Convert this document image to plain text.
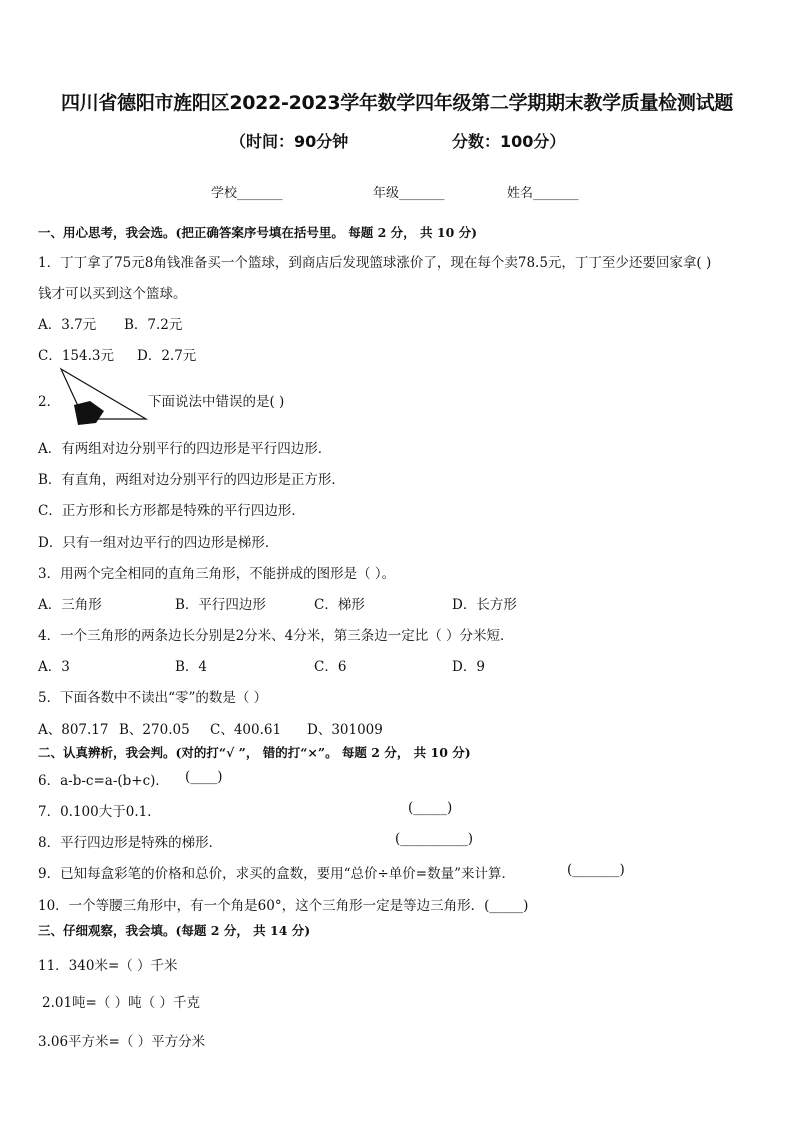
四川省德阳市旌阳区2022-2023学年数学四年级第二学期期末教学质量检测试题
（时间：90分钟	分数：100分）
学校_______	年级_______	姓名_______
一、用心思考，我会选。(把正确答案序号填在括号里。 每题 2 分， 共 10 分)
1．丁丁拿了75元8角钱准备买一个篮球，到商店后发现篮球涨价了，现在每个卖78.5元，丁丁至少还要回家拿( )
钱才可以买到这个篮球。
A．3.7元 B．7.2元
C．154.3元 D．2.7元
2．	下面说法中错误的是( )
A．有两组对边分别平行的四边形是平行四边形．
B．有直角，两组对边分别平行的四边形是正方形．
C．正方形和长方形都是特殊的平行四边形．
D．只有一组对边平行的四边形是梯形．
3．用两个完全相同的直角三角形，不能拼成的图形是（ ）。
A．三角形	B．平行四边形	C．梯形	D．长方形
4．一个三角形的两条边长分别是2分米、4分米，第三条边一定比（ ）分米短．
A．3	B．4	C．6	D．9
5．下面各数中不读出“零”的数是（ ）
A、807.17 B、270.05 C、400.61 D、301009
二、认真辨析，我会判。(对的打“√ ”， 错的打“×”。 每题 2 分， 共 10 分)
6．a-b-c=a-(b+c)． (____)
7．0.100大于0.1．	(_____)
8．平行四边形是特殊的梯形．	(__________)
9．已知每盒彩笔的价格和总价，求买的盒数，要用“总价÷单价=数量”来计算．	(_______)
10．一个等腰三角形中，有一个角是60°，这个三角形一定是等边三角形．(_____)
三、仔细观察，我会填。(每题 2 分， 共 14 分)
11．340米=（ ）千米
2.01吨=（ ）吨（ ）千克
3.06平方米=（ ）平方分米
